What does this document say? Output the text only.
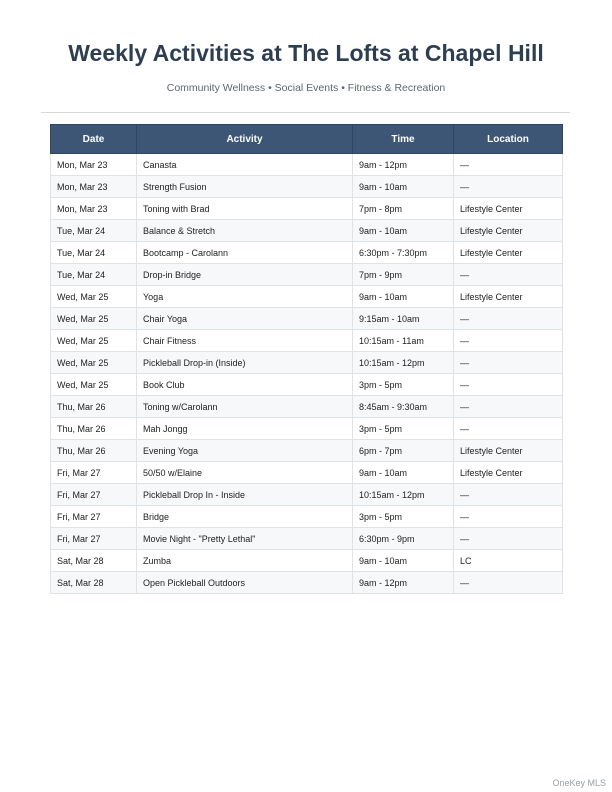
Weekly Activities at The Lofts at Chapel Hill
Community Wellness • Social Events • Fitness & Recreation
Date	Activity	Time	Location
Mon, Mar 23	Canasta	9am - 12pm	—
Mon, Mar 23	Strength Fusion	9am - 10am	—
Mon, Mar 23	Toning with Brad	7pm - 8pm	Lifestyle Center
Tue, Mar 24	Balance & Stretch	9am - 10am	Lifestyle Center
Tue, Mar 24	Bootcamp - Carolann	6:30pm - 7:30pm	Lifestyle Center
Tue, Mar 24	Drop-in Bridge	7pm - 9pm	—
Wed, Mar 25	Yoga	9am - 10am	Lifestyle Center
Wed, Mar 25	Chair Yoga	9:15am - 10am	—
Wed, Mar 25	Chair Fitness	10:15am - 11am	—
Wed, Mar 25	Pickleball Drop-in (Inside)	10:15am - 12pm	—
Wed, Mar 25	Book Club	3pm - 5pm	—
Thu, Mar 26	Toning w/Carolann	8:45am - 9:30am	—
Thu, Mar 26	Mah Jongg	3pm - 5pm	—
Thu, Mar 26	Evening Yoga	6pm - 7pm	Lifestyle Center
Fri, Mar 27	50/50 w/Elaine	9am - 10am	Lifestyle Center
Fri, Mar 27	Pickleball Drop In - Inside	10:15am - 12pm	—
Fri, Mar 27	Bridge	3pm - 5pm	—
Fri, Mar 27	Movie Night - "Pretty Lethal"	6:30pm - 9pm	—
Sat, Mar 28	Zumba	9am - 10am	LC
Sat, Mar 28	Open Pickleball Outdoors	9am - 12pm	—
OneKey MLS
